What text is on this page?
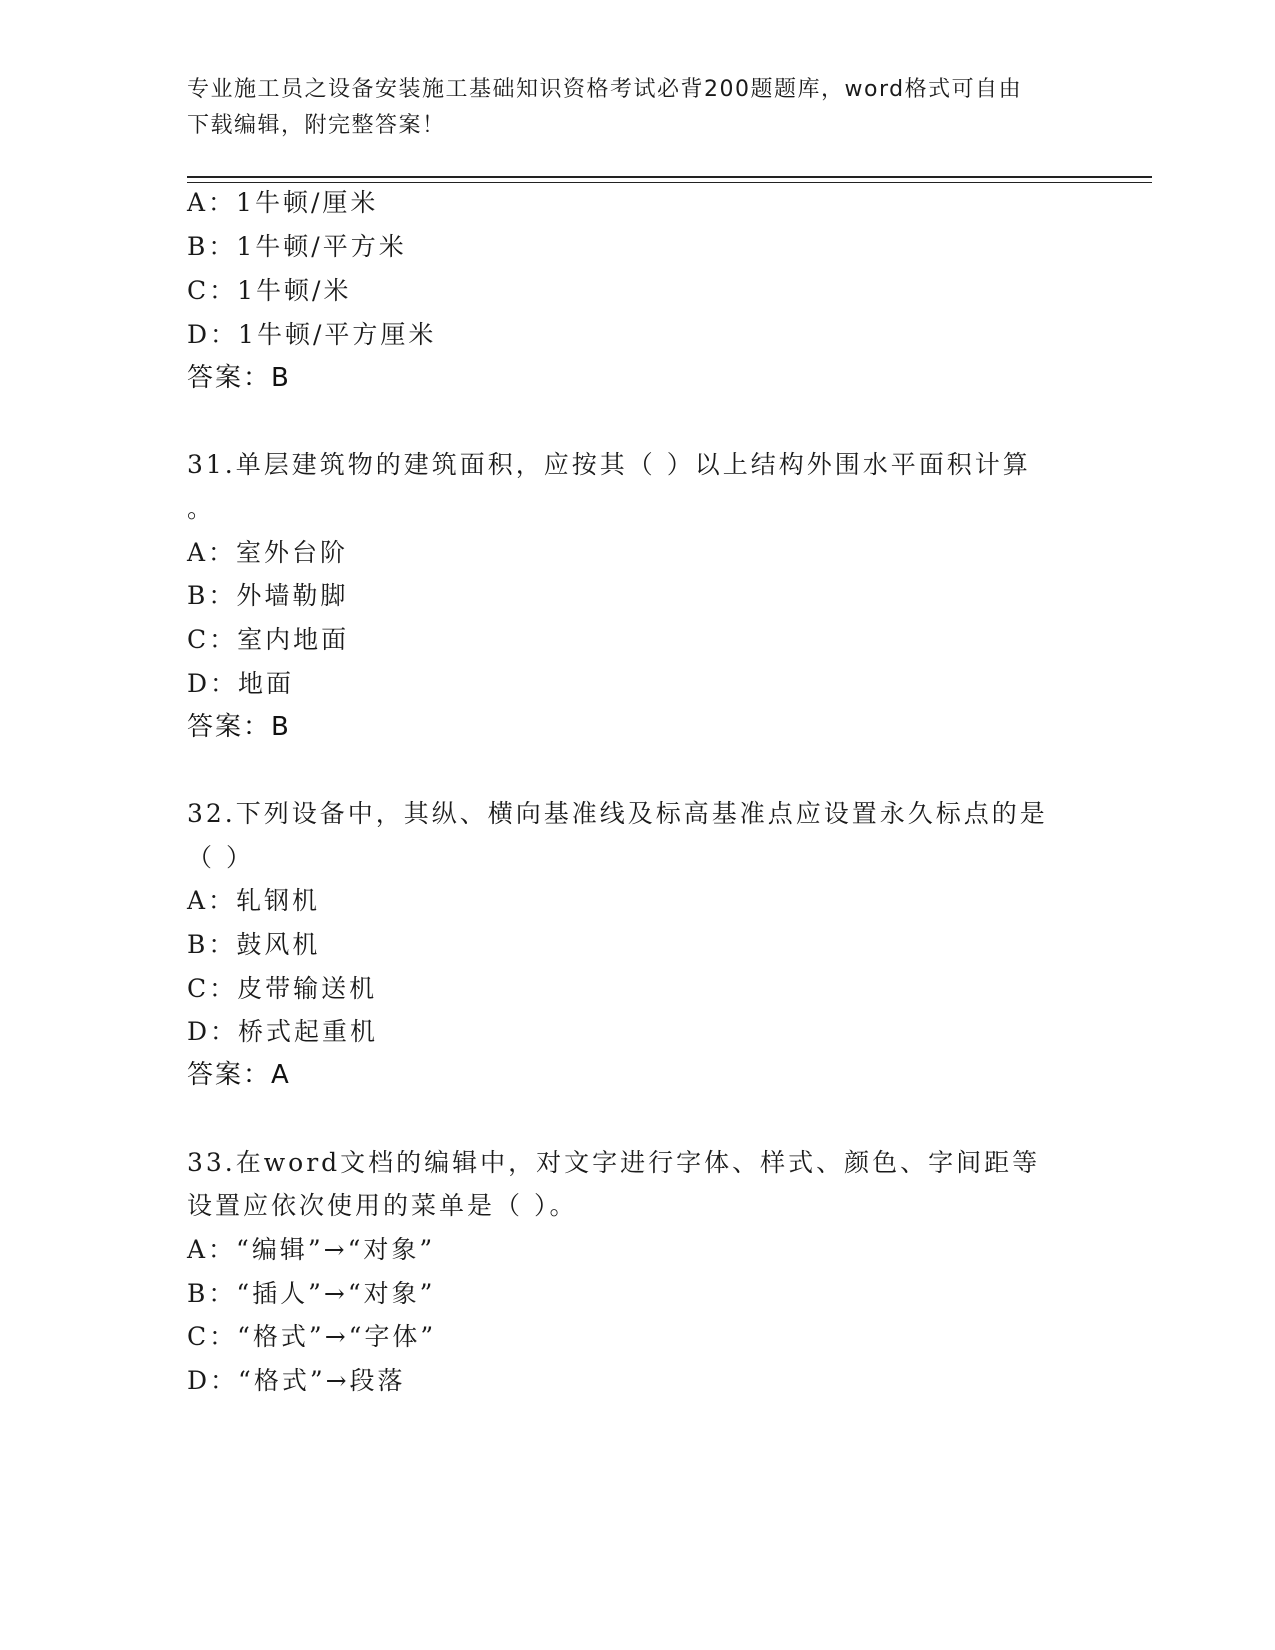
专业施工员之设备安装施工基础知识资格考试必背200题题库，word格式可自由
下载编辑，附完整答案！
A：1牛顿/厘米
B：1牛顿/平方米
C：1牛顿/米
D：1牛顿/平方厘米
答案：B
31.单层建筑物的建筑面积，应按其（ ）以上结构外围水平面积计算
。
A：室外台阶
B：外墙勒脚
C：室内地面
D：地面
答案：B
32.下列设备中，其纵、横向基准线及标高基准点应设置永久标点的是
（ ）
A：轧钢机
B：鼓风机
C：皮带输送机
D：桥式起重机
答案：A
33.在word文档的编辑中，对文字进行字体、样式、颜色、字间距等
设置应依次使用的菜单是（ ）。
A：“编辑”→“对象”
B：“插人”→“对象”
C：“格式”→“字体”
D：“格式”→段落
